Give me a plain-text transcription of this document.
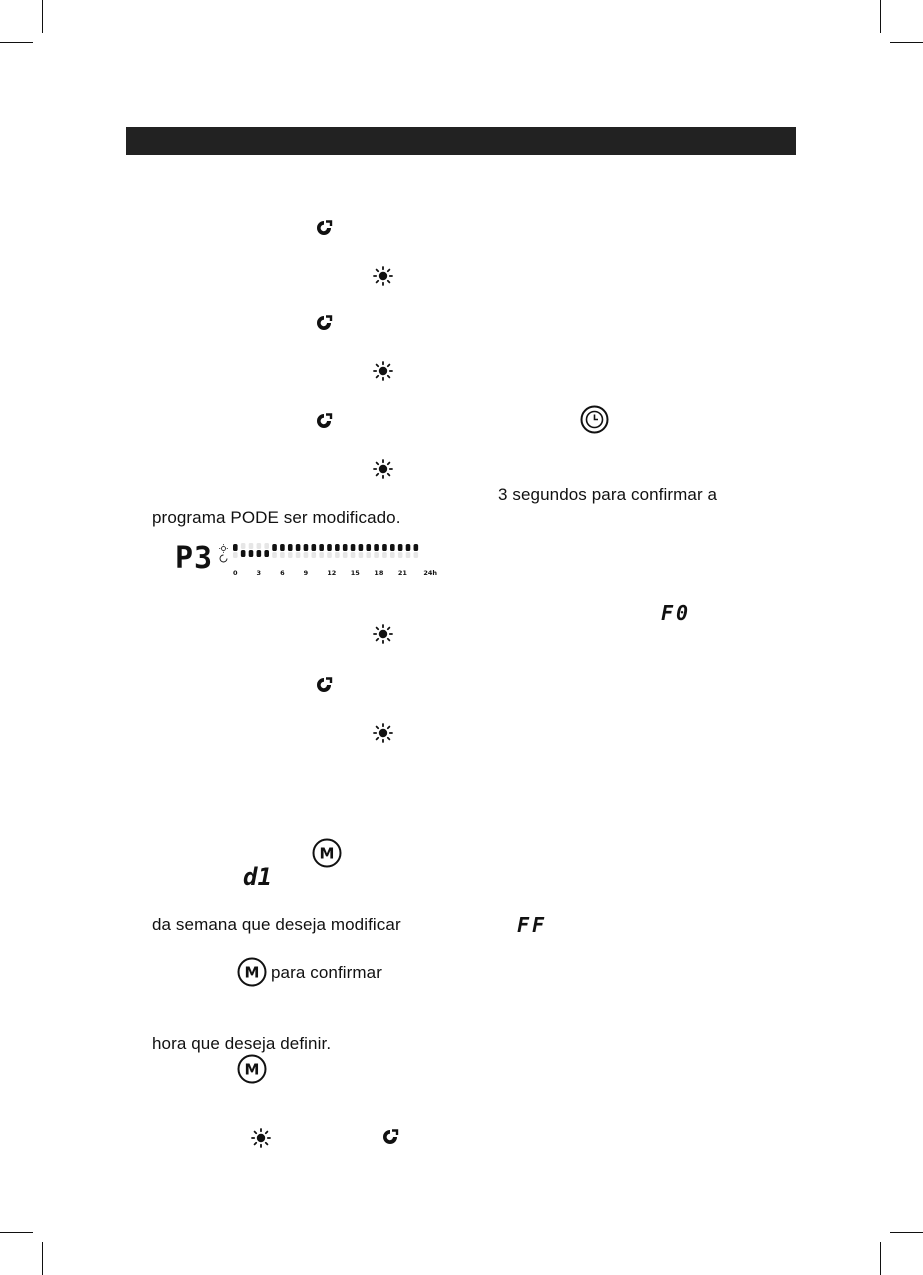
M
M
M
F0
d1
FF
3 segundos para confirmar a
programa PODE ser modificado.
da semana que deseja modificar
para confirmar
hora que deseja definir.
P3	0	3	6	9	12 15 18 21	24h
